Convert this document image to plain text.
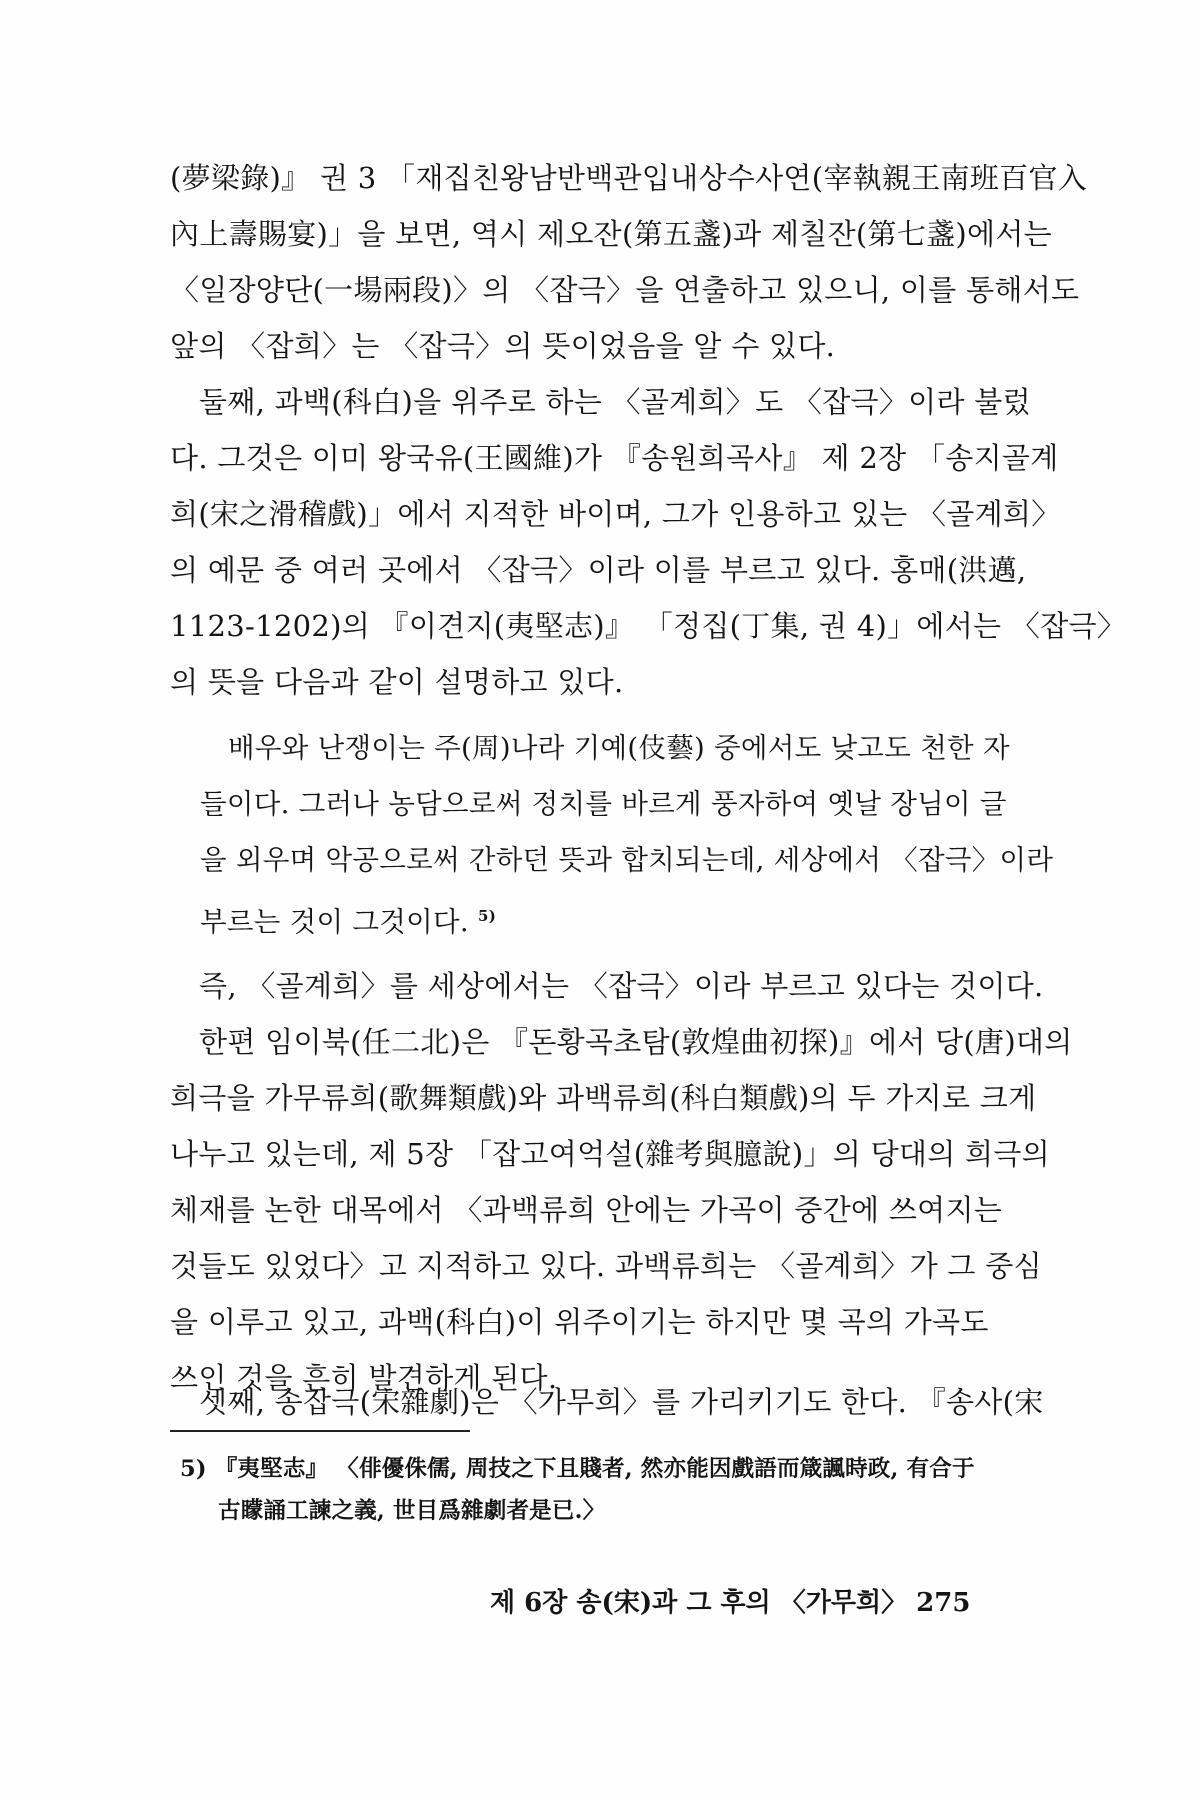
(夢梁錄)』 권 3 「재집친왕남반백관입내상수사연(宰執親王南班百官入
內上壽賜宴)」을 보면, 역시 제오잔(第五盞)과 제칠잔(第七盞)에서는
〈일장양단(一場兩段)〉의 〈잡극〉을 연출하고 있으니, 이를 통해서도
앞의 〈잡희〉는 〈잡극〉의 뜻이었음을 알 수 있다.
둘째, 과백(科白)을 위주로 하는 〈골계희〉도 〈잡극〉이라 불렀
다. 그것은 이미 왕국유(王國維)가 『송원희곡사』 제 2장 「송지골계
희(宋之滑稽戲)」에서 지적한 바이며, 그가 인용하고 있는 〈골계희〉
의 예문 중 여러 곳에서 〈잡극〉이라 이를 부르고 있다. 홍매(洪邁,
1123-1202)의 『이견지(夷堅志)』 「정집(丁集, 권 4)」에서는 〈잡극〉
의 뜻을 다음과 같이 설명하고 있다.
배우와 난쟁이는 주(周)나라 기예(伎藝) 중에서도 낮고도 천한 자
들이다. 그러나 농담으로써 정치를 바르게 풍자하여 옛날 장님이 글
을 외우며 악공으로써 간하던 뜻과 합치되는데, 세상에서 〈잡극〉이라
부르는 것이 그것이다. $^{5)}$
즉, 〈골계희〉를 세상에서는 〈잡극〉이라 부르고 있다는 것이다.
한편 임이북(任二北)은 『돈황곡초탐(敦煌曲初探)』에서 당(唐)대의
희극을 가무류희(歌舞類戲)와 과백류희(科白類戲)의 두 가지로 크게
나누고 있는데, 제 5장 「잡고여억설(雜考與臆說)」의 당대의 희극의
체재를 논한 대목에서 〈과백류희 안에는 가곡이 중간에 쓰여지는
것들도 있었다〉고 지적하고 있다. 과백류희는 〈골계희〉가 그 중심
을 이루고 있고, 과백(科白)이 위주이기는 하지만 몇 곡의 가곡도
쓰인 것을 흔히 발견하게 된다.
셋째, 송잡극(宋雜劇)은 〈가무희〉를 가리키기도 한다. 『송사(宋
5) 『夷堅志』 〈俳優侏儒, 周技之下且賤者, 然亦能因戲語而箴諷時政, 有合于
古矇誦工諫之義, 世目爲雜劇者是已.〉
제 6장 송(宋)과 그 후의 〈가무희〉 275
